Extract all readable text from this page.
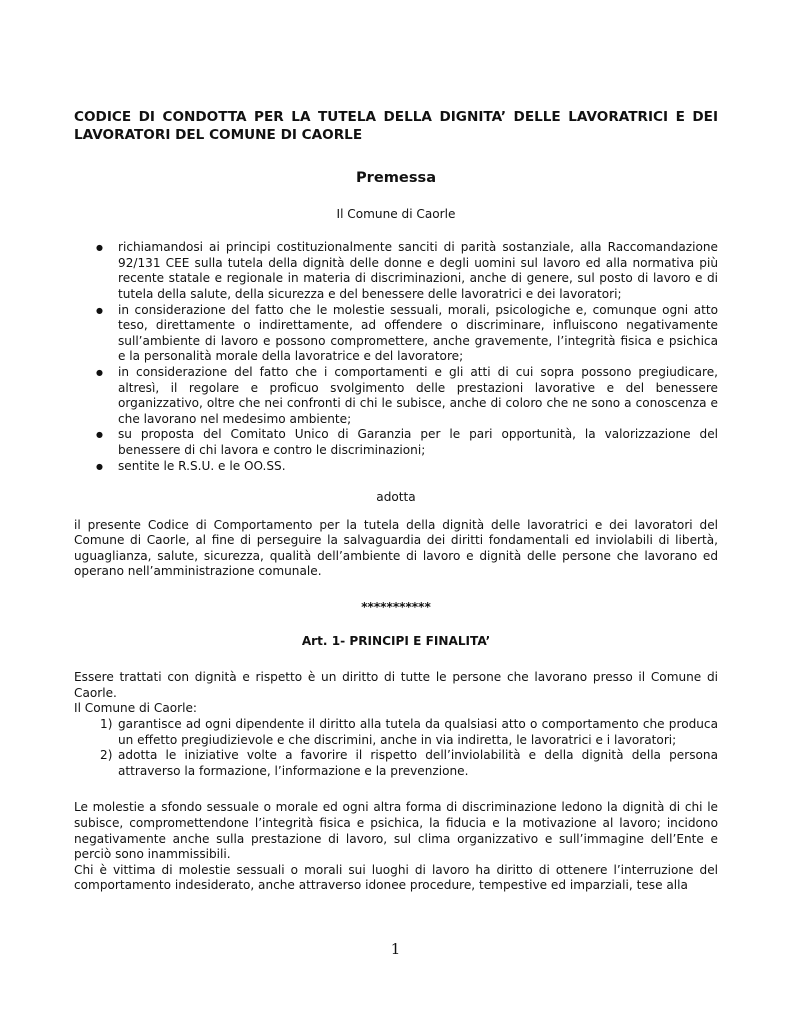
CODICE DI CONDOTTA PER LA TUTELA DELLA DIGNITA’ DELLE LAVORATRICI E DEI
LAVORATORI DEL COMUNE DI CAORLE
Premessa
Il Comune di Caorle
● richiamandosi ai principi costituzionalmente sanciti di parità sostanziale, alla Raccomandazione 92/131 CEE sulla tutela della dignità delle donne e degli uomini sul lavoro ed alla normativa più recente statale e regionale in materia di discriminazioni, anche di genere, sul posto di lavoro e di tutela della salute, della sicurezza e del benessere delle lavoratrici e dei lavoratori;
● in considerazione del fatto che le molestie sessuali, morali, psicologiche e, comunque ogni atto teso, direttamente o indirettamente, ad offendere o discriminare, influiscono negativamente sull’ambiente di lavoro e possono compromettere, anche gravemente, l’integrità fisica e psichica e la personalità morale della lavoratrice e del lavoratore;
● in considerazione del fatto che i comportamenti e gli atti di cui sopra possono pregiudicare, altresì, il regolare e proficuo svolgimento delle prestazioni lavorative e del benessere organizzativo, oltre che nei confronti di chi le subisce, anche di coloro che ne sono a conoscenza e che lavorano nel medesimo ambiente;
● su proposta del Comitato Unico di Garanzia per le pari opportunità, la valorizzazione del benessere di chi lavora e contro le discriminazioni;
● sentite le R.S.U. e le OO.SS.
adotta

il presente Codice di Comportamento per la tutela della dignità delle lavoratrici e dei lavoratori del Comune di Caorle, al fine di perseguire la salvaguardia dei diritti fondamentali ed inviolabili di libertà, uguaglianza, salute, sicurezza, qualità dell’ambiente di lavoro e dignità delle persone che lavorano ed operano nell’amministrazione comunale.

***********
Art. 1- PRINCIPI E FINALITA’
Essere trattati con dignità e rispetto è un diritto di tutte le persone che lavorano presso il Comune di Caorle.
Il Comune di Caorle:
1) garantisce ad ogni dipendente il diritto alla tutela da qualsiasi atto o comportamento che produca un effetto pregiudizievole e che discrimini, anche in via indiretta, le lavoratrici e i lavoratori;
2) adotta le iniziative volte a favorire il rispetto dell’inviolabilità e della dignità della persona attraverso la formazione, l’informazione e la prevenzione.

Le molestie a sfondo sessuale o morale ed ogni altra forma di discriminazione ledono la dignità di chi le subisce, compromettendone l’integrità fisica e psichica, la fiducia e la motivazione al lavoro; incidono negativamente anche sulla prestazione di lavoro, sul clima organizzativo e sull’immagine dell’Ente e perciò sono inammissibili.

Chi è vittima di molestie sessuali o morali sui luoghi di lavoro ha diritto di ottenere l’interruzione del comportamento indesiderato, anche attraverso idonee procedure, tempestive ed imparziali, tese alla

1
